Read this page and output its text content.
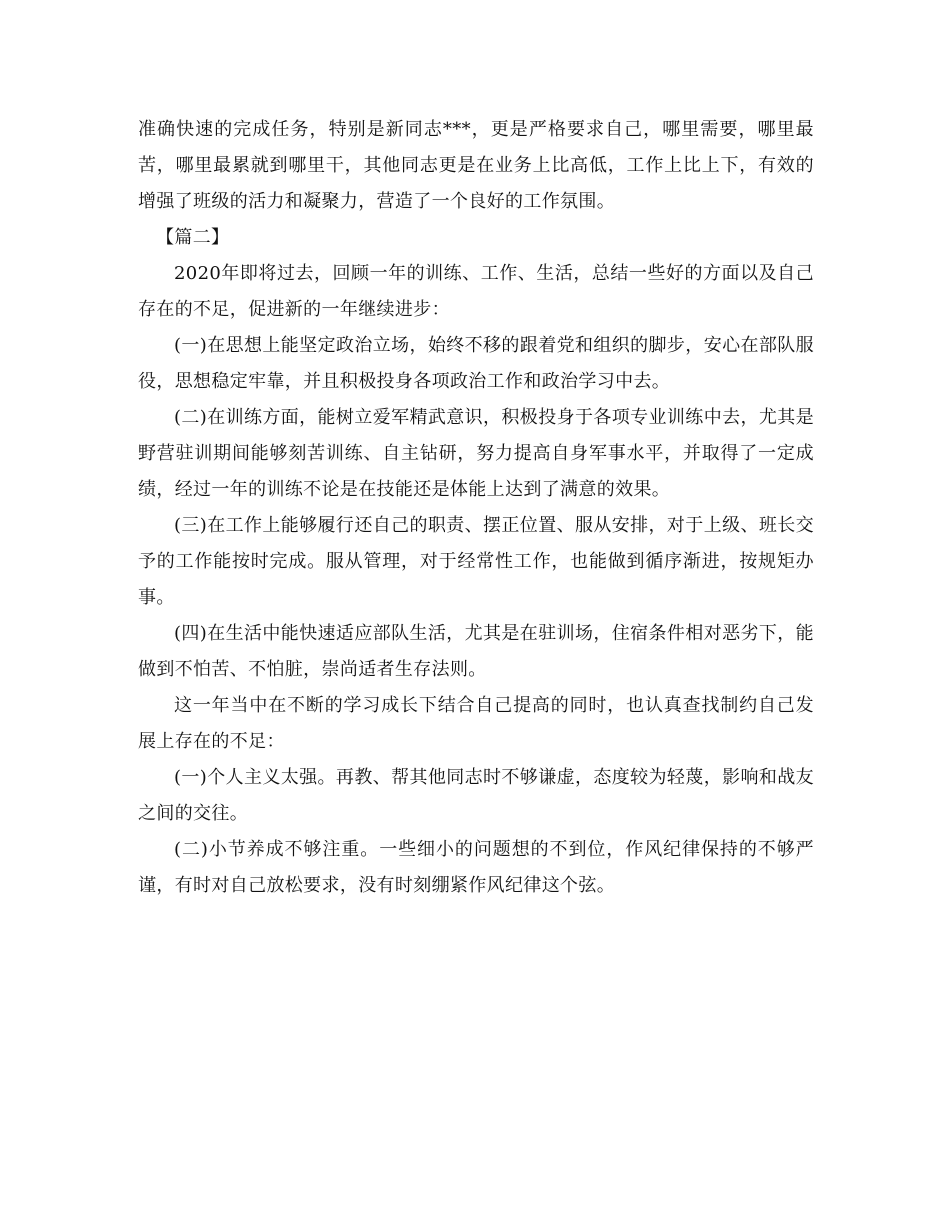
准确快速的完成任务，特别是新同志***，更是严格要求自己，哪里需要，哪里最苦，哪里最累就到哪里干，其他同志更是在业务上比高低，工作上比上下，有效的增强了班级的活力和凝聚力，营造了一个良好的工作氛围。

【篇二】

2020年即将过去，回顾一年的训练、工作、生活，总结一些好的方面以及自己存在的不足，促进新的一年继续进步：

(一)在思想上能坚定政治立场，始终不移的跟着党和组织的脚步，安心在部队服役，思想稳定牢靠，并且积极投身各项政治工作和政治学习中去。

(二)在训练方面，能树立爱军精武意识，积极投身于各项专业训练中去，尤其是野营驻训期间能够刻苦训练、自主钻研，努力提高自身军事水平，并取得了一定成绩，经过一年的训练不论是在技能还是体能上达到了满意的效果。

(三)在工作上能够履行还自己的职责、摆正位置、服从安排，对于上级、班长交予的工作能按时完成。服从管理，对于经常性工作，也能做到循序渐进，按规矩办事。

(四)在生活中能快速适应部队生活，尤其是在驻训场，住宿条件相对恶劣下，能做到不怕苦、不怕脏，崇尚适者生存法则。

这一年当中在不断的学习成长下结合自己提高的同时，也认真查找制约自己发展上存在的不足：

(一)个人主义太强。再教、帮其他同志时不够谦虚，态度较为轻蔑，影响和战友之间的交往。

(二)小节养成不够注重。一些细小的问题想的不到位，作风纪律保持的不够严谨，有时对自己放松要求，没有时刻绷紧作风纪律这个弦。
